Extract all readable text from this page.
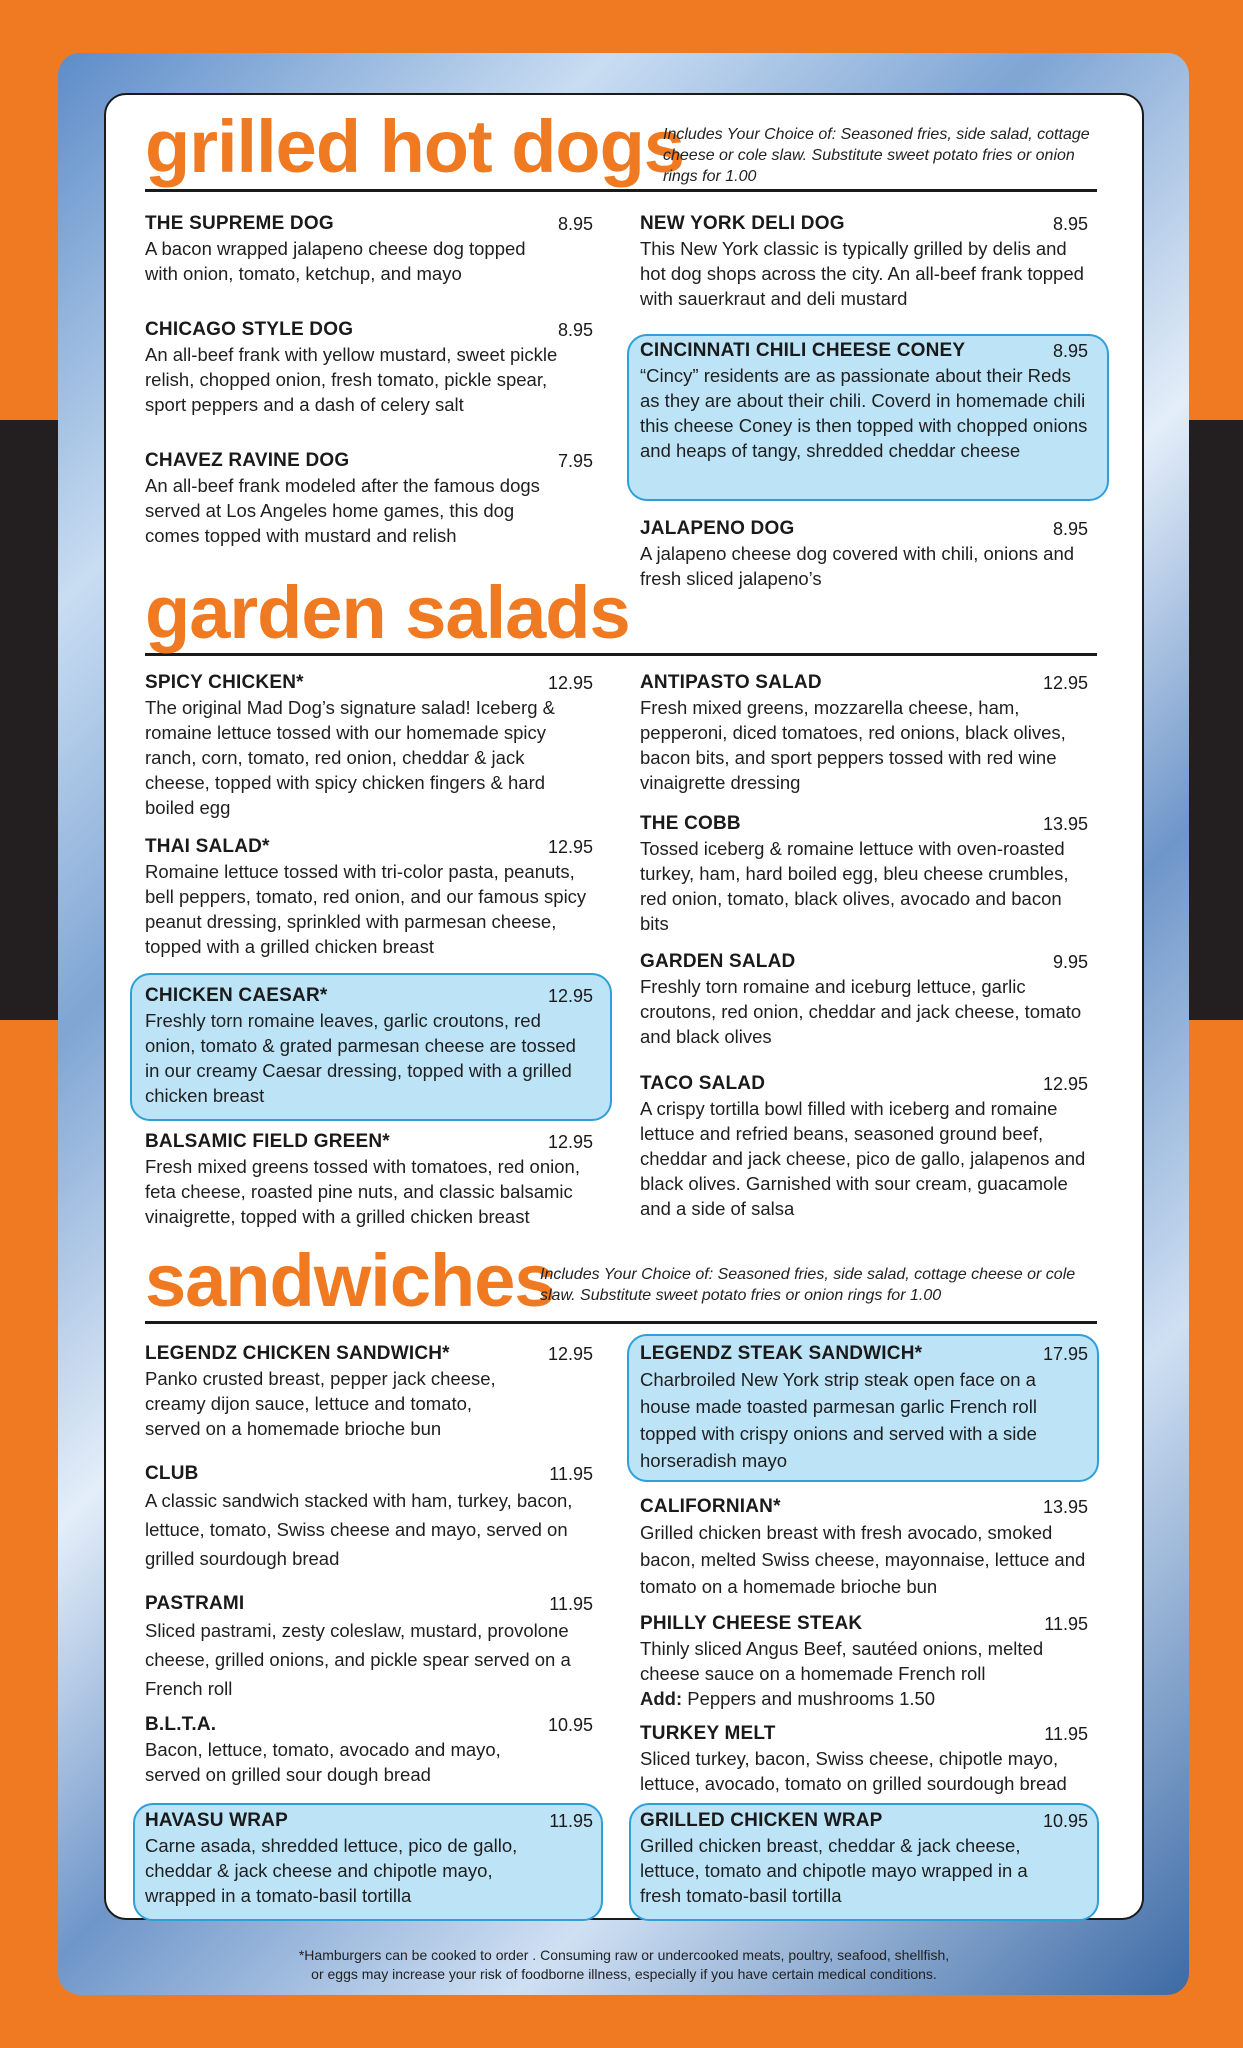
grilled hot dogs
Includes Your Choice of: Seasoned fries, side salad, cottage cheese or cole slaw. Substitute sweet potato fries or onion rings for 1.00
THE SUPREME DOG	8.95
A bacon wrapped jalapeno cheese dog topped with onion, tomato, ketchup, and mayo
CHICAGO STYLE DOG	8.95
An all-beef frank with yellow mustard, sweet pickle relish, chopped onion, fresh tomato, pickle spear, sport peppers and a dash of celery salt
CHAVEZ RAVINE DOG	7.95
An all-beef frank modeled after the famous dogs served at Los Angeles home games, this dog comes topped with mustard and relish
NEW YORK DELI DOG	8.95
This New York classic is typically grilled by delis and hot dog shops across the city. An all-beef frank topped with sauerkraut and deli mustard
CINCINNATI CHILI CHEESE CONEY	8.95
“Cincy” residents are as passionate about their Reds as they are about their chili. Coverd in homemade chili this cheese Coney is then topped with chopped onions and heaps of tangy, shredded cheddar cheese
JALAPENO DOG	8.95
A jalapeno cheese dog covered with chili, onions and fresh sliced jalapeno’s
garden salads
SPICY CHICKEN*	12.95
The original Mad Dog’s signature salad! Iceberg & romaine lettuce tossed with our homemade spicy ranch, corn, tomato, red onion, cheddar & jack cheese, topped with spicy chicken fingers & hard boiled egg
THAI SALAD*	12.95
Romaine lettuce tossed with tri-color pasta, peanuts, bell peppers, tomato, red onion, and our famous spicy peanut dressing, sprinkled with parmesan cheese, topped with a grilled chicken breast
CHICKEN CAESAR*	12.95
Freshly torn romaine leaves, garlic croutons, red onion, tomato & grated parmesan cheese are tossed in our creamy Caesar dressing, topped with a grilled chicken breast
BALSAMIC FIELD GREEN*	12.95
Fresh mixed greens tossed with tomatoes, red onion, feta cheese, roasted pine nuts, and classic balsamic vinaigrette, topped with a grilled chicken breast
ANTIPASTO SALAD	12.95
Fresh mixed greens, mozzarella cheese, ham, pepperoni, diced tomatoes, red onions, black olives, bacon bits, and sport peppers tossed with red wine vinaigrette dressing
THE COBB	13.95
Tossed iceberg & romaine lettuce with oven-roasted turkey, ham, hard boiled egg, bleu cheese crumbles, red onion, tomato, black olives, avocado and bacon bits
GARDEN SALAD	9.95
Freshly torn romaine and iceburg lettuce, garlic croutons, red onion, cheddar and jack cheese, tomato and black olives
TACO SALAD	12.95
A crispy tortilla bowl filled with iceberg and romaine lettuce and refried beans, seasoned ground beef, cheddar and jack cheese, pico de gallo, jalapenos and black olives. Garnished with sour cream, guacamole and a side of salsa
sandwiches
Includes Your Choice of: Seasoned fries, side salad, cottage cheese or cole slaw. Substitute sweet potato fries or onion rings for 1.00
LEGENDZ CHICKEN SANDWICH*	12.95
Panko crusted breast, pepper jack cheese, creamy dijon sauce, lettuce and tomato, served on a homemade brioche bun
CLUB	11.95
A classic sandwich stacked with ham, turkey, bacon, lettuce, tomato, Swiss cheese and mayo, served on grilled sourdough bread
PASTRAMI	11.95
Sliced pastrami, zesty coleslaw, mustard, provolone cheese, grilled onions, and pickle spear served on a French roll
B.L.T.A.	10.95
Bacon, lettuce, tomato, avocado and mayo, served on grilled sour dough bread
HAVASU WRAP	11.95
Carne asada, shredded lettuce, pico de gallo, cheddar & jack cheese and chipotle mayo, wrapped in a tomato-basil tortilla
LEGENDZ STEAK SANDWICH*	17.95
Charbroiled New York strip steak open face on a house made toasted parmesan garlic French roll topped with crispy onions and served with a side horseradish mayo
CALIFORNIAN*	13.95
Grilled chicken breast with fresh avocado, smoked bacon, melted Swiss cheese, mayonnaise, lettuce and tomato on a homemade brioche bun
PHILLY CHEESE STEAK	11.95
Thinly sliced Angus Beef, sautéed onions, melted cheese sauce on a homemade French roll
Add: Peppers and mushrooms 1.50
TURKEY MELT	11.95
Sliced turkey, bacon, Swiss cheese, chipotle mayo, lettuce, avocado, tomato on grilled sourdough bread
GRILLED CHICKEN WRAP	10.95
Grilled chicken breast, cheddar & jack cheese, lettuce, tomato and chipotle mayo wrapped in a fresh tomato-basil tortilla
*Hamburgers can be cooked to order . Consuming raw or undercooked meats, poultry, seafood, shellfish,
or eggs may increase your risk of foodborne illness, especially if you have certain medical conditions.
